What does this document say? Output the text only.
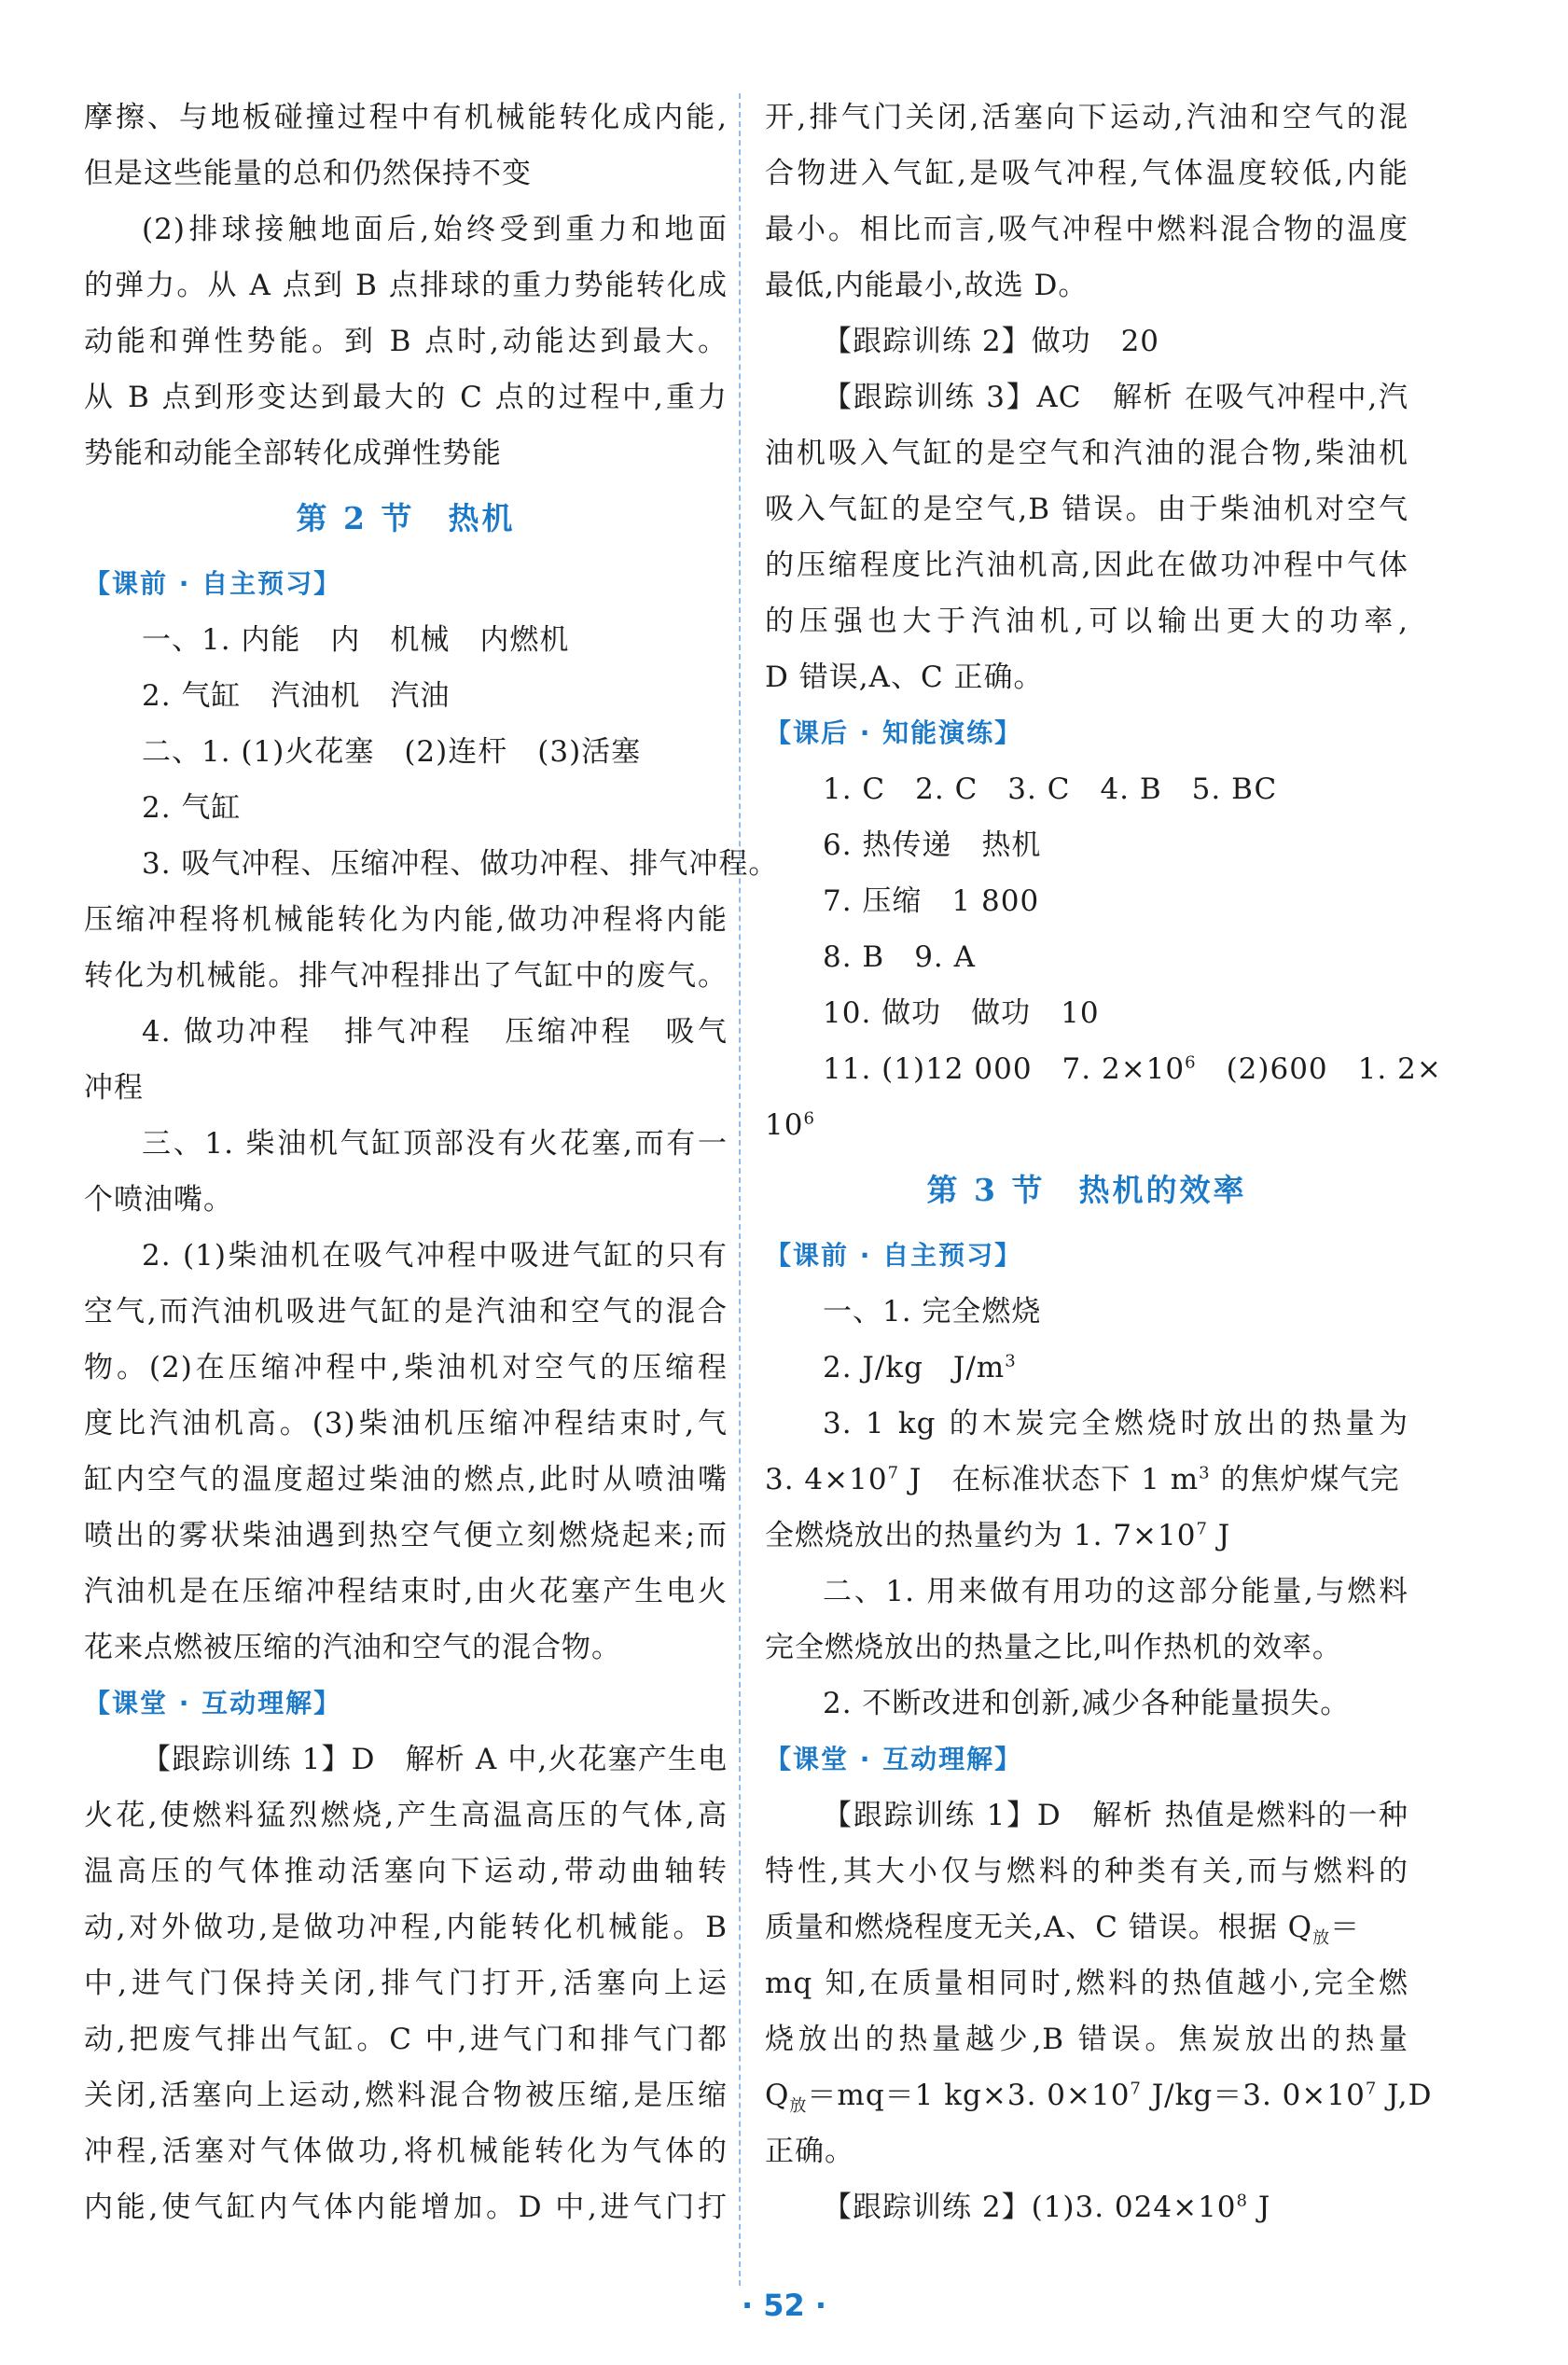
摩擦、与地板碰撞过程中有机械能转化成内能,
但是这些能量的总和仍然保持不变
(2)排球接触地面后,始终受到重力和地面
的弹力。从 A 点到 B 点排球的重力势能转化成
动能和弹性势能。到 B 点时,动能达到最大。
从 B 点到形变达到最大的 C 点的过程中,重力
势能和动能全部转化成弹性势能
第 2 节　热机
【课前 · 自主预习】
一、1. 内能　内　机械　内燃机
2. 气缸　汽油机　汽油
二、1. (1)火花塞　(2)连杆　(3)活塞
2. 气缸
3. 吸气冲程、压缩冲程、做功冲程、排气冲程。
压缩冲程将机械能转化为内能,做功冲程将内能
转化为机械能。排气冲程排出了气缸中的废气。
4. 做功冲程　排气冲程　压缩冲程　吸气
冲程
三、1. 柴油机气缸顶部没有火花塞,而有一
个喷油嘴。
2. (1)柴油机在吸气冲程中吸进气缸的只有
空气,而汽油机吸进气缸的是汽油和空气的混合
物。(2)在压缩冲程中,柴油机对空气的压缩程
度比汽油机高。(3)柴油机压缩冲程结束时,气
缸内空气的温度超过柴油的燃点,此时从喷油嘴
喷出的雾状柴油遇到热空气便立刻燃烧起来;而
汽油机是在压缩冲程结束时,由火花塞产生电火
花来点燃被压缩的汽油和空气的混合物。
【课堂 · 互动理解】
【跟踪训练 1】D　解析 A 中,火花塞产生电
火花,使燃料猛烈燃烧,产生高温高压的气体,高
温高压的气体推动活塞向下运动,带动曲轴转
动,对外做功,是做功冲程,内能转化机械能。B
中,进气门保持关闭,排气门打开,活塞向上运
动,把废气排出气缸。C 中,进气门和排气门都
关闭,活塞向上运动,燃料混合物被压缩,是压缩
冲程,活塞对气体做功,将机械能转化为气体的
内能,使气缸内气体内能增加。D 中,进气门打
开,排气门关闭,活塞向下运动,汽油和空气的混
合物进入气缸,是吸气冲程,气体温度较低,内能
最小。相比而言,吸气冲程中燃料混合物的温度
最低,内能最小,故选 D。
【跟踪训练 2】做功　20
【跟踪训练 3】AC　解析 在吸气冲程中,汽
油机吸入气缸的是空气和汽油的混合物,柴油机
吸入气缸的是空气,B 错误。由于柴油机对空气
的压缩程度比汽油机高,因此在做功冲程中气体
的压强也大于汽油机,可以输出更大的功率,
D 错误,A、C 正确。
【课后 · 知能演练】
1. C　2. C　3. C　4. B　5. BC
6. 热传递　热机
7. 压缩　1 800
8. B　9. A
10. 做功　做功　10
11. (1)12 000　7. $2\times 10^6$　(2)600　1. 2×
$10^6$
第 3 节　热机的效率
【课前 · 自主预习】
一、1. 完全燃烧
2. J/kg　$J/m^3$
3. 1 kg 的木炭完全燃烧时放出的热量为
3. $4\times 10^7$ J　在标准状态下 1 $m^3$ 的焦炉煤气完
全燃烧放出的热量约为 1. $7\times 10^7$ J
二、1. 用来做有用功的这部分能量,与燃料
完全燃烧放出的热量之比,叫作热机的效率。
2. 不断改进和创新,减少各种能量损失。
【课堂 · 互动理解】
【跟踪训练 1】D　解析 热值是燃料的一种
特性,其大小仅与燃料的种类有关,而与燃料的
质量和燃烧程度无关,A、C 错误。根据 $Q_放=$
mq 知,在质量相同时,燃料的热值越小,完全燃
烧放出的热量越少,B 错误。焦炭放出的热量
$Q_放=mq=1$ kg×3. $0\times 10^7$ J/kg＝3. $0\times 10^7$ J,D
正确。
【跟踪训练 2】(1)3. $024\times 10^8$ J
· 52 ·
